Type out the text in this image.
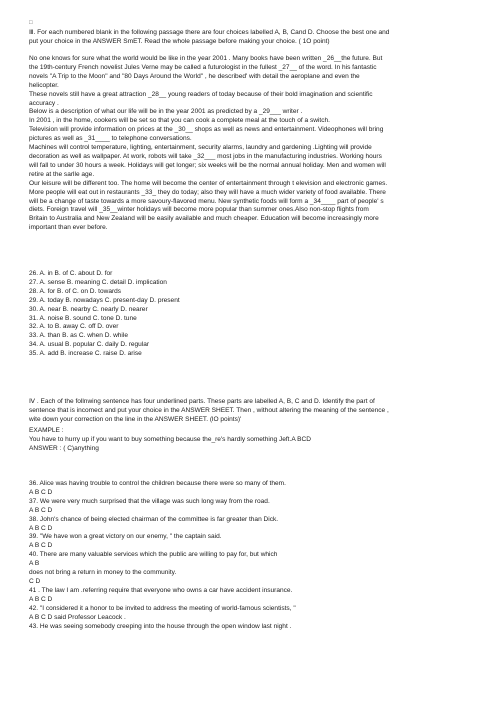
□

Ⅲ. For each numbered blank in the following passage there are four choices labelled A, B, Cand D. Choose the best one and
put your choice in the ANSWER SmET. Read the whole passage before making your choice. ( 1O point)

No one knows for sure what the world would be like in the year 2001 . Many books have been written _26__the future. But
the 19th-century French novelist Jules Verne may be called a futurologist in the fullest _27__ of the word. In his fantastic
novels "A Trip to the Moon" and "80 Days Around the World" , he described' with detail the aeroplane and even the
helicopter.
These novels still have a great attraction _28__ young readers of today because of their bold imagination and scientific
accuracy .
Below is a description of what our life will be in the year 2001 as predicted by a _29___ writer .
In 2001 , in the home, cookers will be set so that you can cook a complete meal at the touch of a switch.
Television will provide information on prices at the _30__ shops as well as news and entertainment. Videophones will bring
pictures as well as _31____ to telephone conversations.
Machines will control temperature, lighting, entertainment, security alarms, laundry and gardening .Lighting will provide
decoration as well as wallpaper. At work, robots will take _32___ most jobs in the manufacturing industries. Working hours
will fall to under 30 hours a week. Holidays will get longer; six weeks will be the normal annual holiday. Men and women will
retire at the sarlle age.
Our leisure will be different too. The home will become the center of entertainment through t elevision and electronic games.
More people will eat out in restaurants _33_ they do today; also they will have a much wider variety of food available. There
will be a change of taste towards a more savoury-flavored menu. New synthetic foods will form a _34____ part of people' s
diets. Foreign travel will _35__winter holidays will become more popular than summer ones.Also non-stop flights from
Britain to Australia and New Zealand will be easily available and much cheaper. Education will become increasingly more
important than ever before.

26. A. in B. of C. about D. for
27. A. sense B. meaning C. detail D. implication
28. A. for B. of C. on D. towards
29. A. today B. nowadays C. present-day D. present
30. A. near B. nearby C. nearly D. nearer
31. A. noise B. sound C. tone D. tune
32. A. to B. away C. off D. over
33. A. than B. as C. when D. while
34. A. usual B. popular C. daily D. regular
35. A. add B. increase C. raise D. arise

Ⅳ . Each of the follnwing sentence has four underlined parts. These parts are labelled A, B, C and D. Identify the part of
sentence that is incomect and put your choice in the ANSWER SHEET. Then , without altering the meaning of the sentence ,
wite down your correction on the line in the ANSWER SHEET. (lO points)'

EXAMPLE :
You have to hurry up if you want to buy something because the_re's hardly something Jeft.A BCD
ANSWER : ( C)anything

36. Alice was having trouble to control the children because there were so many of them.
A B C D
37. We were very much surprised that the village was such long way from the road.
A B C D
38. John's chance of being elected chairman of the committee is far greater than Dick.
A B C D
39. "We have won a great victory on our enemy, " the captain said.
A B C D
40. There are many valuable services which the public are willing to pay for, but which
A B
does not bring a return in money to the community.
C D
41 . The law I am .referring require that everyone who owns a car have accident insurance.
A B C D
42. "I considered it a honor to be invited to address the meeting of world-famous scientists, "
A B C D said Professor Leacock .
43. He was seeing somebody creeping into the house through the open window last night .
